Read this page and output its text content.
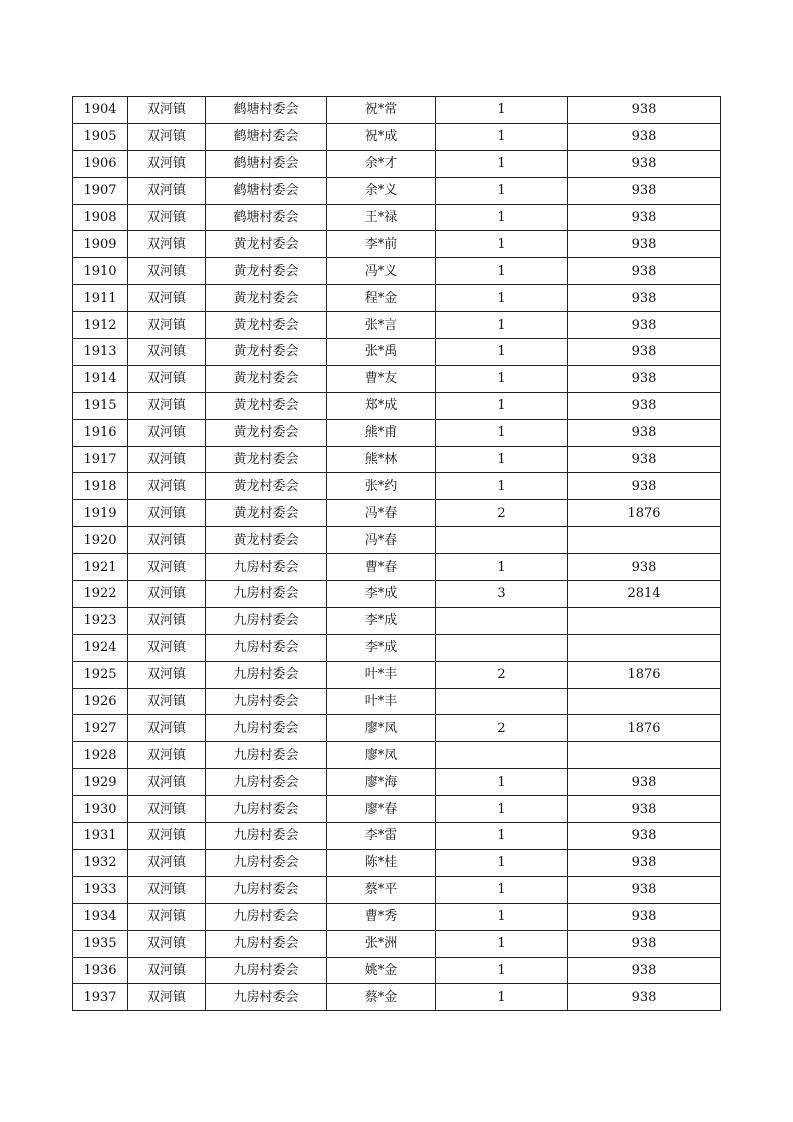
1904	双河镇	鹤塘村委会	祝*常	1	938
1905	双河镇	鹤塘村委会	祝*成	1	938
1906	双河镇	鹤塘村委会	余*才	1	938
1907	双河镇	鹤塘村委会	余*义	1	938
1908	双河镇	鹤塘村委会	王*禄	1	938
1909	双河镇	黄龙村委会	李*前	1	938
1910	双河镇	黄龙村委会	冯*义	1	938
1911	双河镇	黄龙村委会	程*金	1	938
1912	双河镇	黄龙村委会	张*言	1	938
1913	双河镇	黄龙村委会	张*禹	1	938
1914	双河镇	黄龙村委会	曹*友	1	938
1915	双河镇	黄龙村委会	郑*成	1	938
1916	双河镇	黄龙村委会	熊*甫	1	938
1917	双河镇	黄龙村委会	熊*林	1	938
1918	双河镇	黄龙村委会	张*约	1	938
1919	双河镇	黄龙村委会	冯*春	2	1876
1920	双河镇	黄龙村委会	冯*春		
1921	双河镇	九房村委会	曹*春	1	938
1922	双河镇	九房村委会	李*成	3	2814
1923	双河镇	九房村委会	李*成		
1924	双河镇	九房村委会	李*成		
1925	双河镇	九房村委会	叶*丰	2	1876
1926	双河镇	九房村委会	叶*丰		
1927	双河镇	九房村委会	廖*凤	2	1876
1928	双河镇	九房村委会	廖*凤		
1929	双河镇	九房村委会	廖*海	1	938
1930	双河镇	九房村委会	廖*春	1	938
1931	双河镇	九房村委会	李*雷	1	938
1932	双河镇	九房村委会	陈*桂	1	938
1933	双河镇	九房村委会	蔡*平	1	938
1934	双河镇	九房村委会	曹*秀	1	938
1935	双河镇	九房村委会	张*洲	1	938
1936	双河镇	九房村委会	姚*金	1	938
1937	双河镇	九房村委会	蔡*金	1	938
